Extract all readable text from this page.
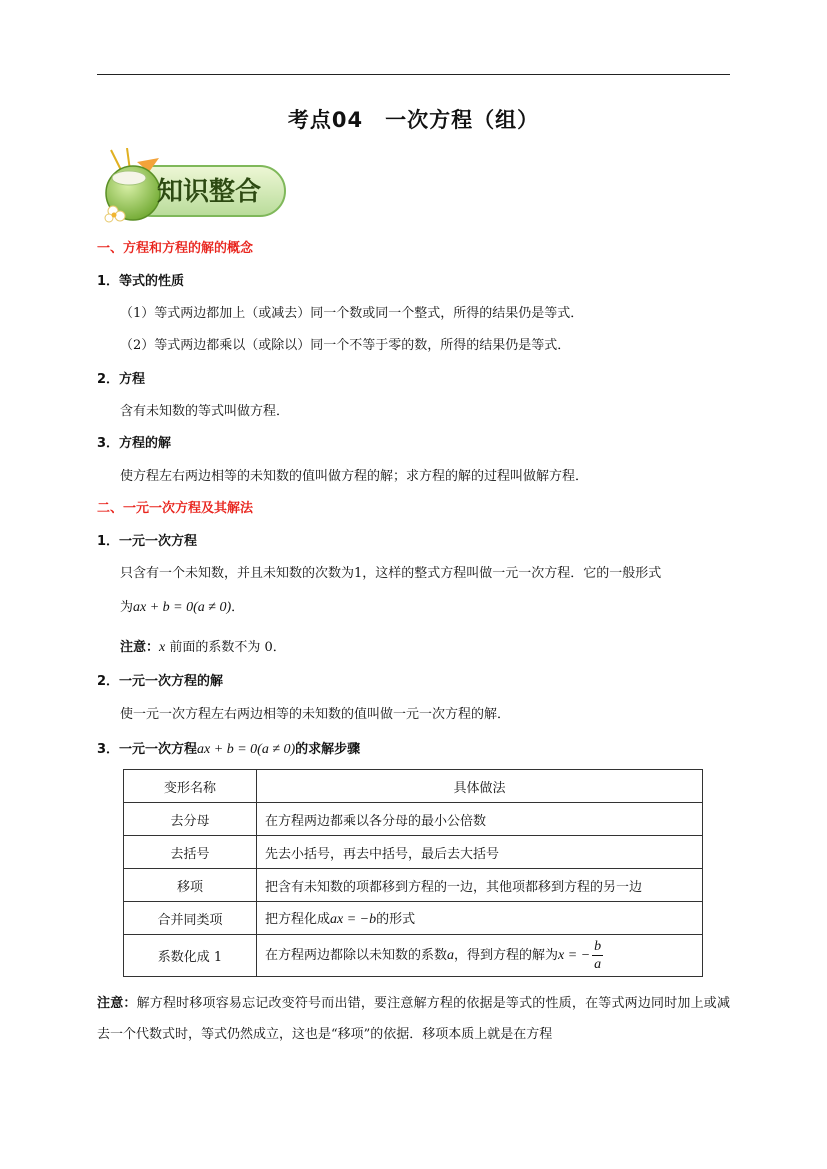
考点04　一次方程（组）
知识整合
一、方程和方程的解的概念
1．等式的性质
（1）等式两边都加上（或减去）同一个数或同一个整式，所得的结果仍是等式．
（2）等式两边都乘以（或除以）同一个不等于零的数，所得的结果仍是等式．
2．方程
含有未知数的等式叫做方程．
3．方程的解
使方程左右两边相等的未知数的值叫做方程的解；求方程的解的过程叫做解方程．
二、一元一次方程及其解法
1．一元一次方程
只含有一个未知数，并且未知数的次数为1，这样的整式方程叫做一元一次方程．它的一般形式
为ax + b = 0(a ≠ 0)．
注意：x 前面的系数不为 0．
2．一元一次方程的解
使一元一次方程左右两边相等的未知数的值叫做一元一次方程的解．
3．一元一次方程ax + b = 0(a ≠ 0)的求解步骤
变形名称	具体做法
去分母	在方程两边都乘以各分母的最小公倍数
去括号	先去小括号，再去中括号，最后去大括号
移项	把含有未知数的项都移到方程的一边，其他项都移到方程的另一边
合并同类项	把方程化成ax = −b的形式
系数化成 1	在方程两边都除以未知数的系数a，得到方程的解为x = − $\frac{b}{a}$
注意：解方程时移项容易忘记改变符号而出错，要注意解方程的依据是等式的性质，在等式两边同时加上或减去一个代数式时，等式仍然成立，这也是“移项”的依据．移项本质上就是在方程
